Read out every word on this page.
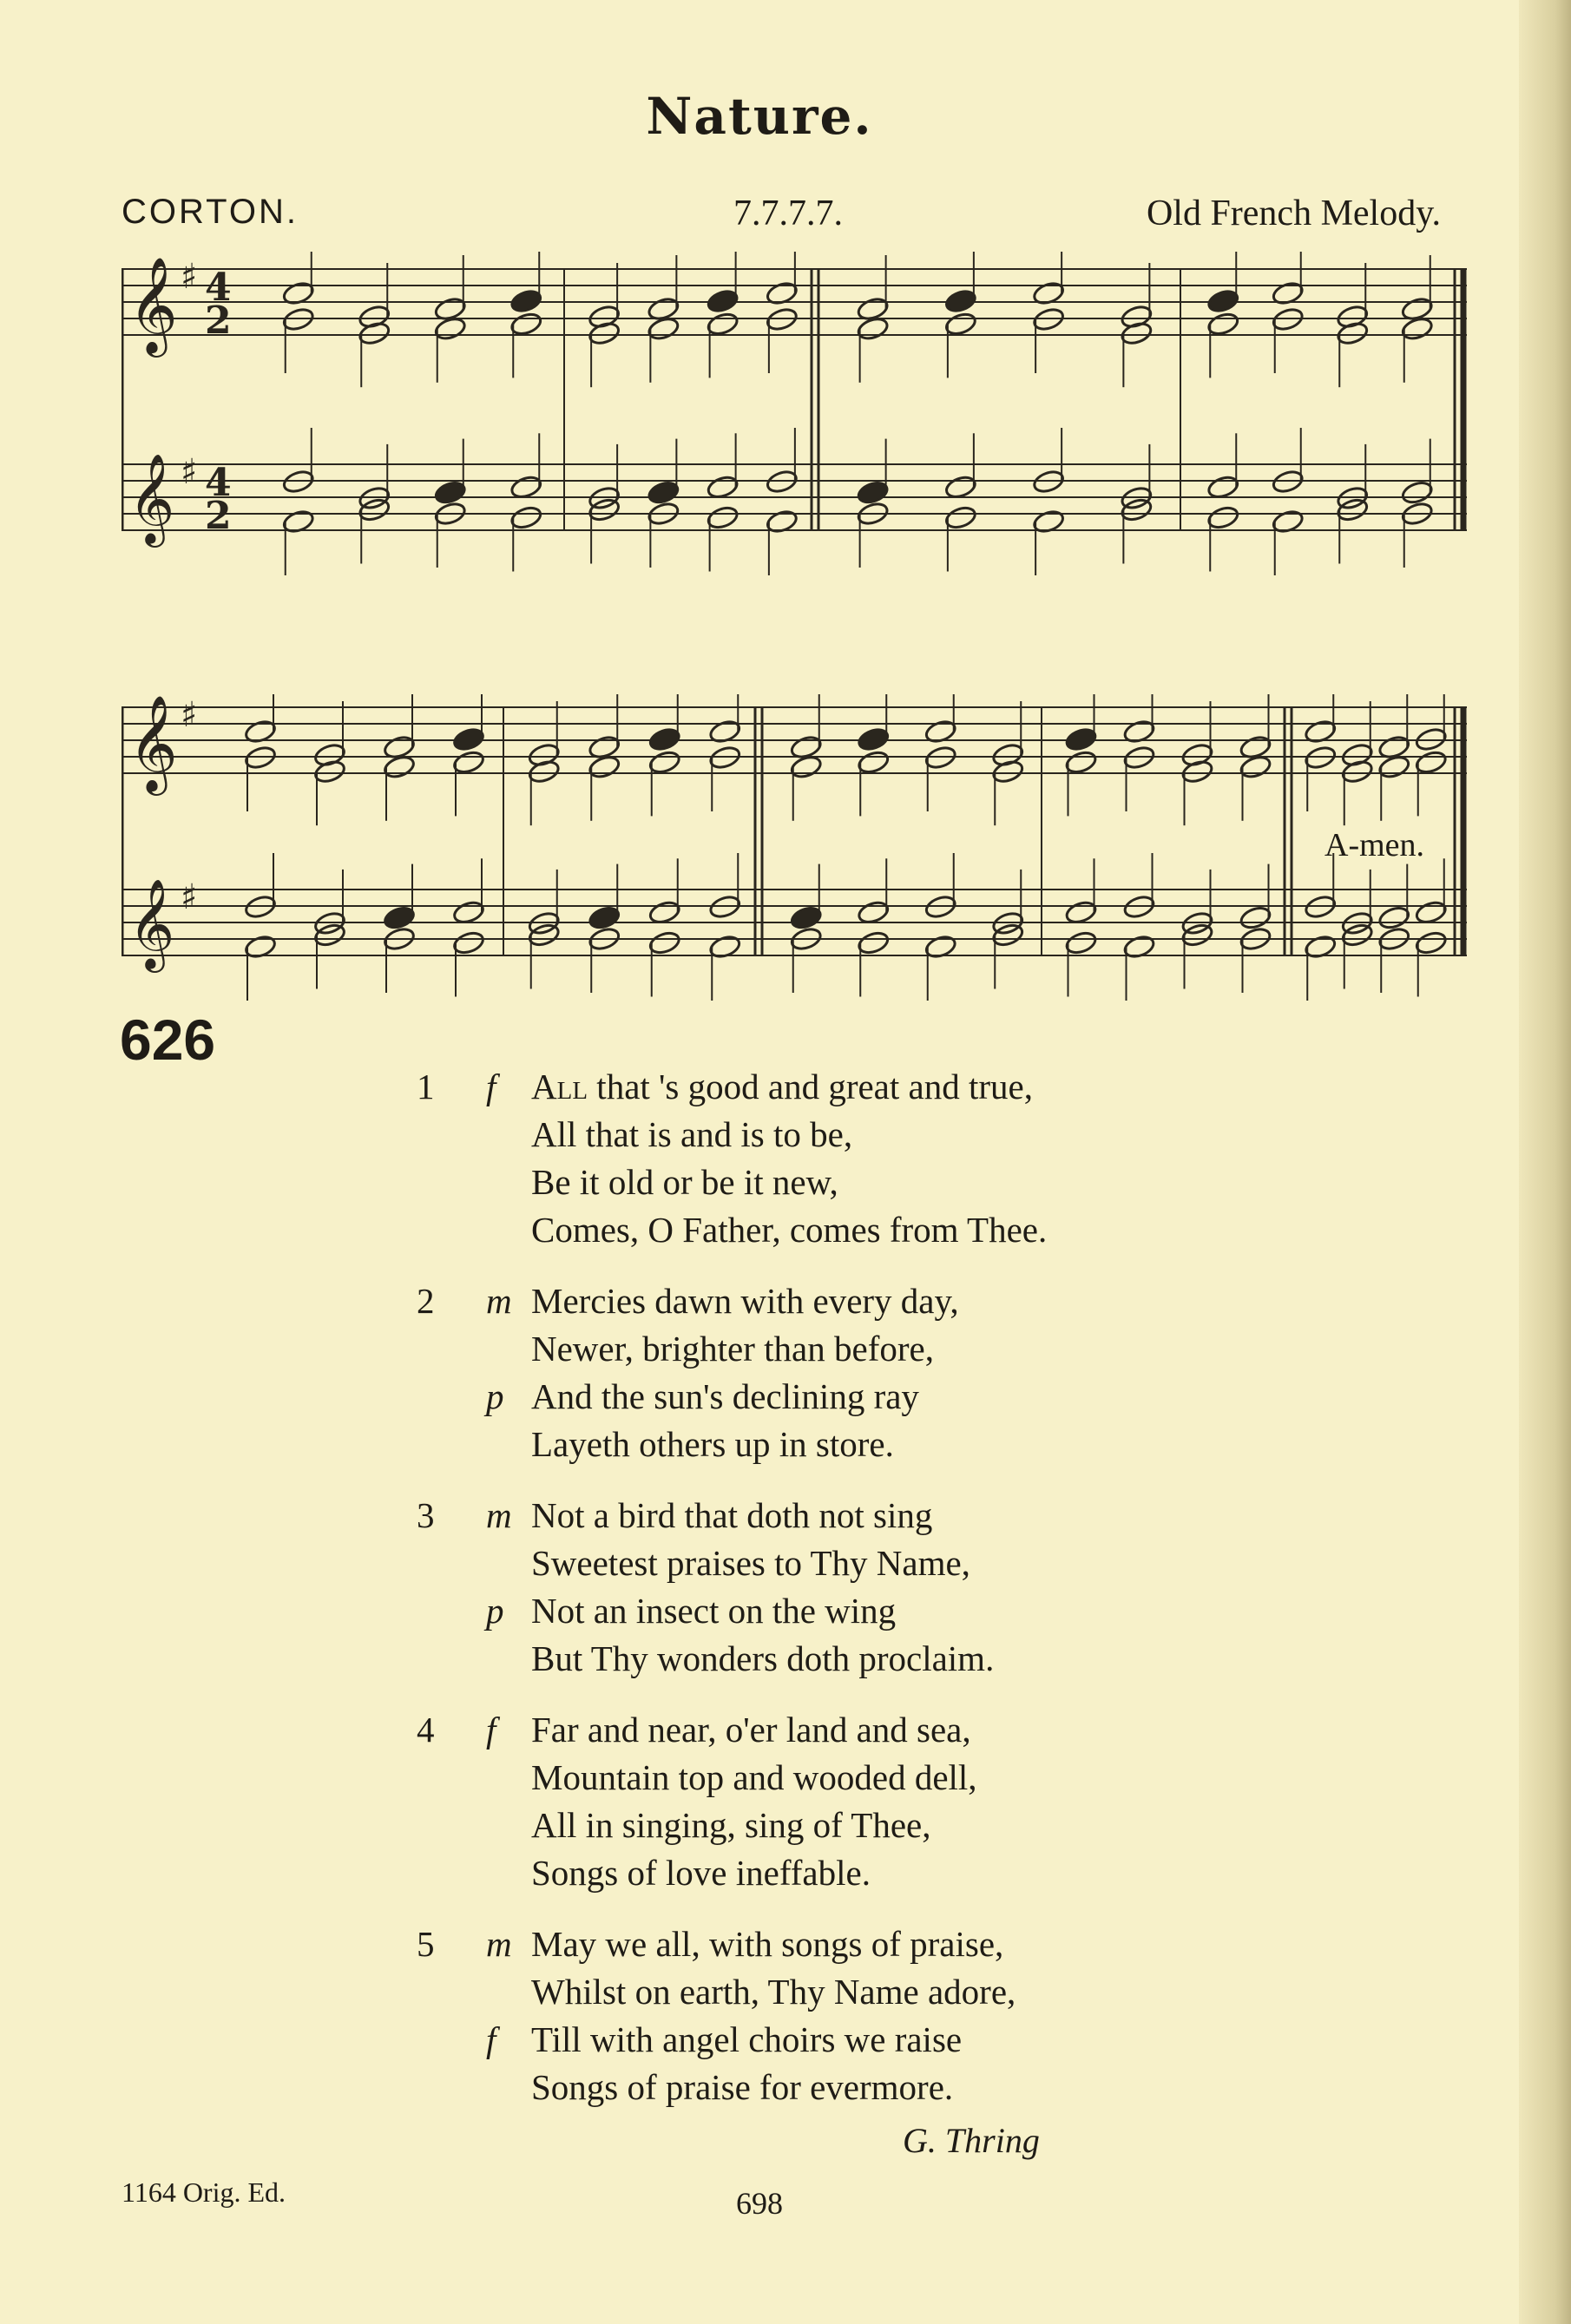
Nature.
CORTON.	7.7.7.7.	Old French Melody.
𝄞
𝄞
♯
♯
4
2
4
2
𝄞
𝄞
♯
♯
A-men.
626
1 f All that 's good and great and true,
All that is and is to be,
Be it old or be it new,
Comes, O Father, comes from Thee.
2 m Mercies dawn with every day,
Newer, brighter than before,
p And the sun's declining ray
Layeth others up in store.
3 m Not a bird that doth not sing
Sweetest praises to Thy Name,
p Not an insect on the wing
But Thy wonders doth proclaim.
4 f Far and near, o'er land and sea,
Mountain top and wooded dell,
All in singing, sing of Thee,
Songs of love ineffable.
5 m May we all, with songs of praise,
Whilst on earth, Thy Name adore,
f Till with angel choirs we raise
Songs of praise for evermore.
G. Thring
1164 Orig. Ed.	698
